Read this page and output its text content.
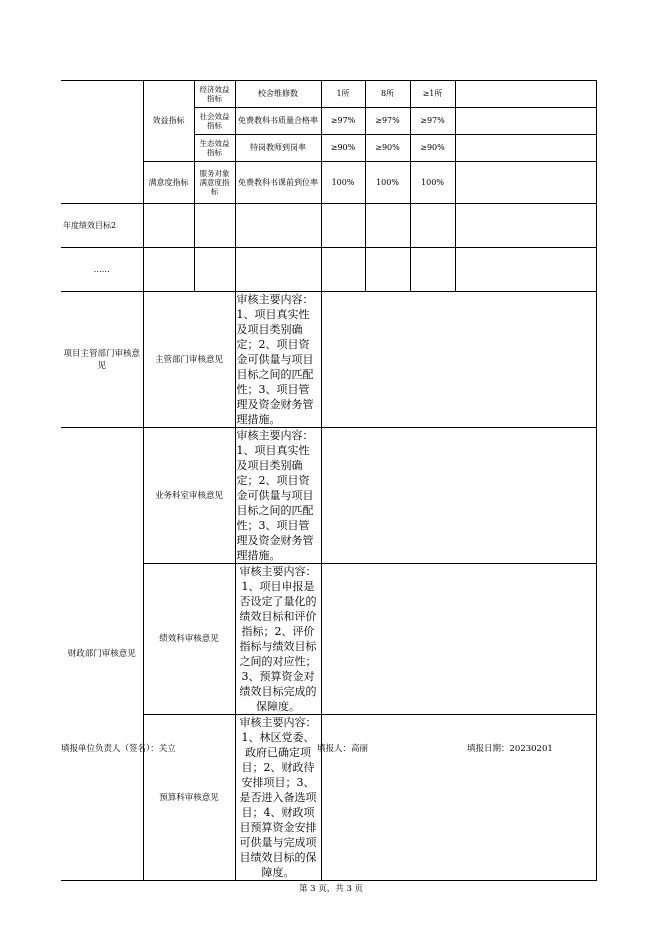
	效益指标	经济效益指标	校舍维修数	1所	8所	≥1所	
		社会效益指标	免费教科书质量合格率	≥97%	≥97%	≥97%	
		生态效益指标	特岗教师到岗率	≥90%	≥90%	≥90%	
	满意度指标	服务对象满意度指标	免费教科书课前到位率	100%	100%	100%	
年度绩效目标2							
……							
项目主管部门审核意见	主管部门审核意见		审核主要内容：1、项目真实性及项目类别确定；2、项目资金可供量与项目目标之间的匹配性；3、项目管理及资金财务管理措施。				
财政部门审核意见	业务科室审核意见		审核主要内容：1、项目真实性及项目类别确定；2、项目资金可供量与项目目标之间的匹配性；3、项目管理及资金财务管理措施。				
	绩效科审核意见		审核主要内容：1、项目申报是否设定了量化的绩效目标和评价指标；2、评价指标与绩效目标之间的对应性；3、预算资金对绩效目标完成的保障度。				
	预算科审核意见		审核主要内容：1、林区党委、政府已确定项目；2、财政待安排项目；3、是否进入备选项目；4、财政项目预算资金安排可供量与完成项目绩效目标的保障度。				
填报单位负责人（签名）：关立	填报人：高丽	填报日期：20230201
第 3 页，共 3 页
